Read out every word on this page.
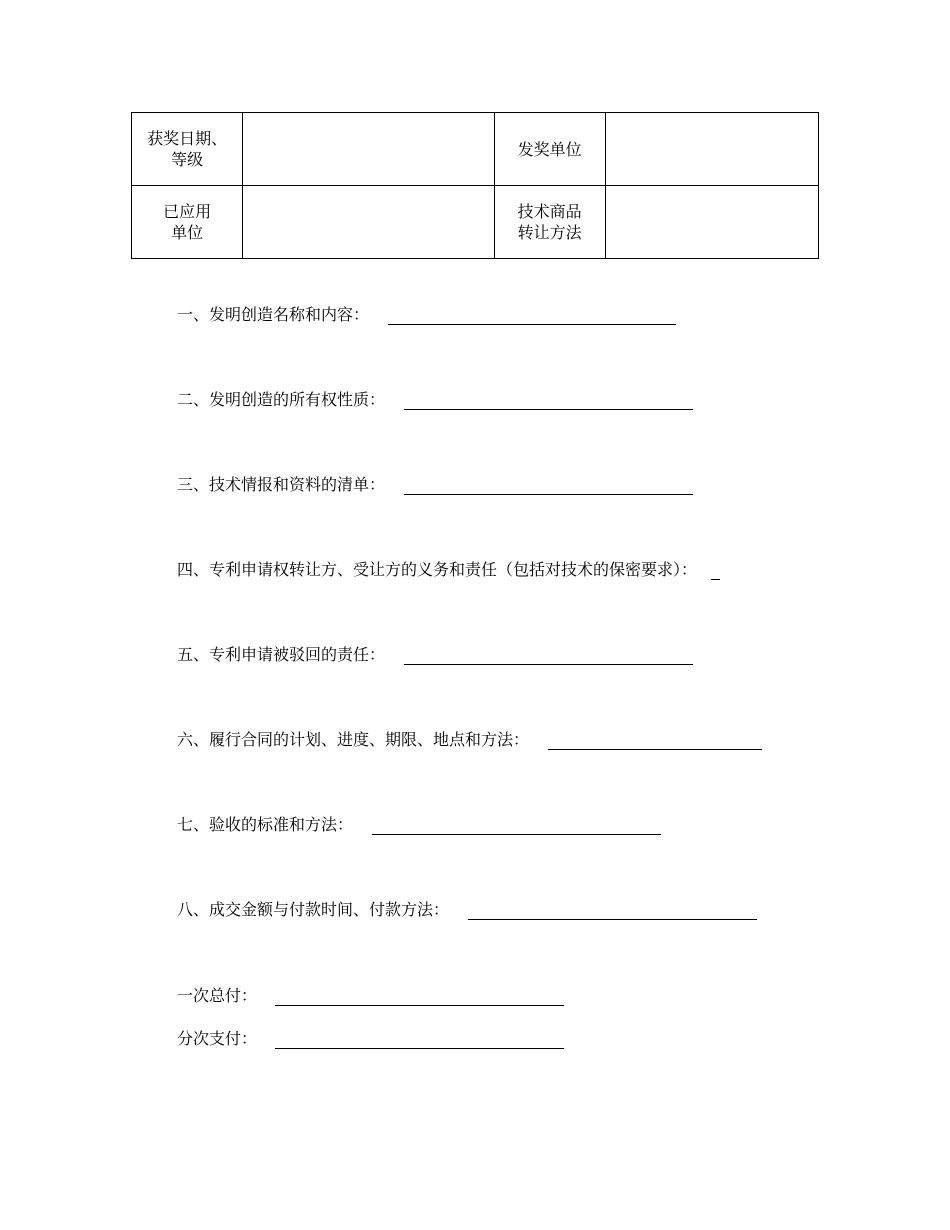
获奖日期、
等级		发奖单位	
已应用
单位		技术商品
转让方法	
一、发明创造名称和内容：
二、发明创造的所有权性质：
三、技术情报和资料的清单：
四、专利申请权转让方、受让方的义务和责任（包括对技术的保密要求）：
五、专利申请被驳回的责任：
六、履行合同的计划、进度、期限、地点和方法：
七、验收的标准和方法：
八、成交金额与付款时间、付款方法：
一次总付：
分次支付：
